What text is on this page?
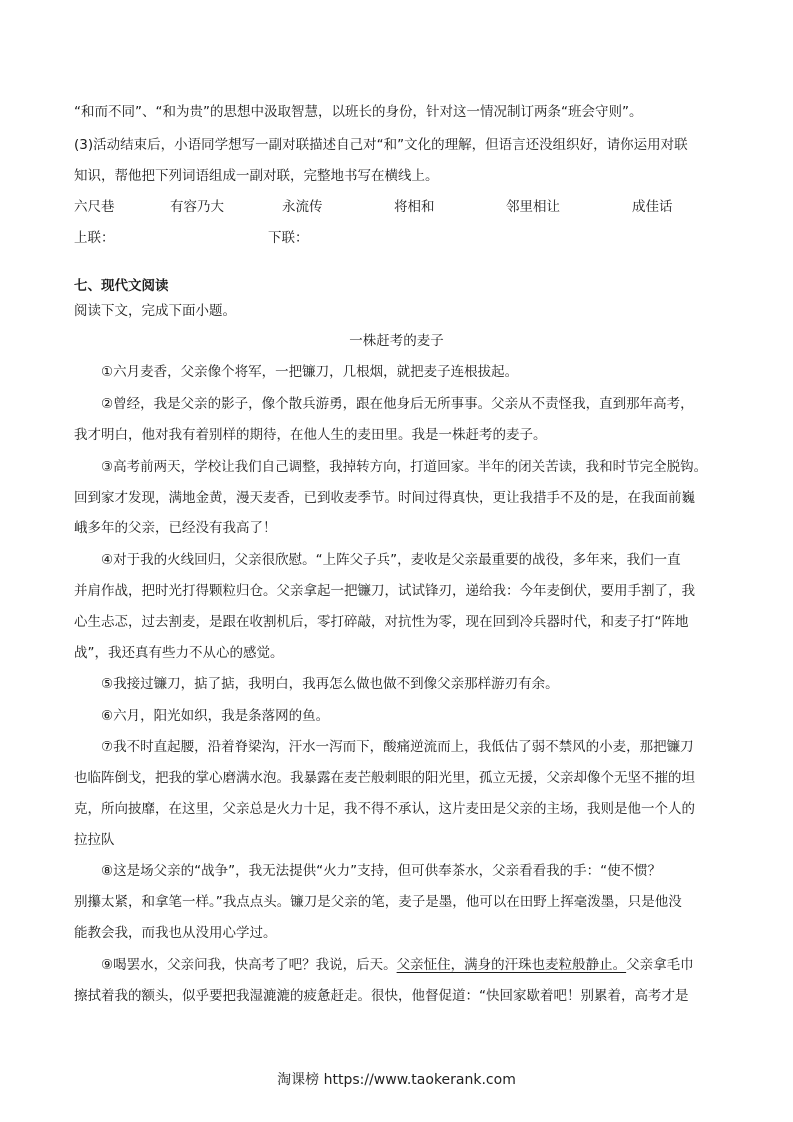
“和而不同”、“和为贵”的思想中汲取智慧，以班长的身份，针对这一情况制订两条“班会守则”。
(3)活动结束后，小语同学想写一副对联描述自己对“和”文化的理解，但语言还没组织好，请你运用对联
知识，帮他把下列词语组成一副对联，完整地书写在横线上。
六尺巷	有容乃大	永流传	将相和	邻里相让	成佳话
上联：	下联：
七、现代文阅读
阅读下文，完成下面小题。
一株赶考的麦子
①六月麦香，父亲像个将军，一把镰刀，几根烟，就把麦子连根拔起。
②曾经，我是父亲的影子，像个散兵游勇，跟在他身后无所事事。父亲从不责怪我，直到那年高考，
我才明白，他对我有着别样的期待，在他人生的麦田里。我是一株赶考的麦子。
③高考前两天，学校让我们自己调整，我掉转方向，打道回家。半年的闭关苦读，我和时节完全脱钩。
回到家才发现，满地金黄，漫天麦香，已到收麦季节。时间过得真快，更让我措手不及的是，在我面前巍
峨多年的父亲，已经没有我高了！
④对于我的火线回归，父亲很欣慰。“上阵父子兵”，麦收是父亲最重要的战役，多年来，我们一直
并肩作战，把时光打得颗粒归仓。父亲拿起一把镰刀，试试锋刃，递给我：今年麦倒伏，要用手割了，我
心生忐忑，过去割麦，是跟在收割机后，零打碎敲，对抗性为零，现在回到冷兵器时代，和麦子打“阵地
战”，我还真有些力不从心的感觉。
⑤我接过镰刀，掂了掂，我明白，我再怎么做也做不到像父亲那样游刃有余。
⑥六月，阳光如织，我是条落网的鱼。
⑦我不时直起腰，沿着脊梁沟，汗水一泻而下，酸痛逆流而上，我低估了弱不禁风的小麦，那把镰刀
也临阵倒戈，把我的掌心磨满水泡。我暴露在麦芒般刺眼的阳光里，孤立无援，父亲却像个无坚不摧的坦
克，所向披靡，在这里，父亲总是火力十足，我不得不承认，这片麦田是父亲的主场，我则是他一个人的
拉拉队
⑧这是场父亲的“战争”，我无法提供“火力”支持，但可供奉茶水，父亲看看我的手：“使不惯？
别攥太紧，和拿笔一样。”我点点头。镰刀是父亲的笔，麦子是墨，他可以在田野上挥毫泼墨，只是他没
能教会我，而我也从没用心学过。
⑨喝罢水，父亲问我，快高考了吧？我说，后天。父亲怔住，满身的汗珠也麦粒般静止。父亲拿毛巾
擦拭着我的额头，似乎要把我湿漉漉的疲惫赶走。很快，他督促道：“快回家歇着吧！别累着，高考才是
淘课榜 https://www.taokerank.com
